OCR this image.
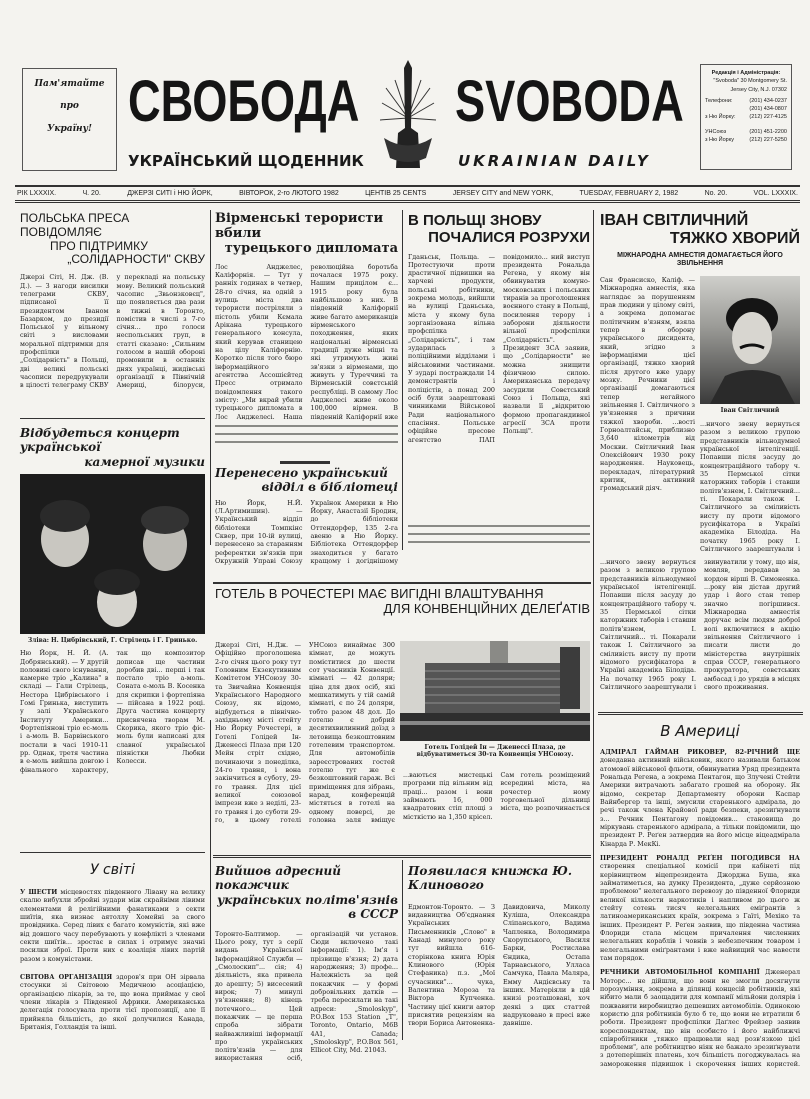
Пам'ятайте
про
Україну! СВОБОДА
УКРАЇНСЬКИЙ ЩОДЕННИК
SVOBODA
UKRAINIAN DAILY
Редакція і Адміністрація:
"Svoboda" 30 Montgomery St.
Jersey City, N.J. 07302
Телефони:	(201) 434-0237
(201) 434-0807
з Ню Йорку:	(212) 227-4125
УНСоюз	(201) 451-2200
з Ню Йорку	(212) 227-5250
РІК LXXXIX.	Ч. 20.	ДЖЕРЗІ СИТІ і НЮ ЙОРК,	ВІВТОРОК, 2-го ЛЮТОГО 1982	ЦЕНТІВ 25 CENTS	JERSEY CITY and NEW YORK,	TUESDAY, FEBRUARY 2, 1982	No. 20.	VOL. LXXXIX.
ПОЛЬСЬКА ПРЕСА ПОВІДОМЛЯЄ
ПРО ПІДТРИМКУ
„СОЛІДАРНОСТИ" СКВУ
Джерзі Сіті, Н. Дж. (В. Д.). — З нагоди висилки телеграми СКВУ, підписаної її президентом Іваном Базарком, до президії Польської у вільному світі з висловами моральної підтримки для профспілки „Солідарність" в Польщі, дві великі польські часописи передрукували в цілості телеграму СКВУ у перекладі на польську мову. Великий польський часопис „Звьонзковєц", що появляється два рази в тижні в Торонто, помістив в числі з 7-го січня... про голоси неспольських груп, в статті сказано: „Сильним голосом в нашій обороні промовили в останніх днях українці, жидівські організації в Північній Америці, білоруси,
Вірменські терористи вбили
турецького дипломата
Лос Анджелес, Каліфорнія. — Тут у ранніх годинах в четвер, 28-го січня, на одній з вулиць міста два терористи постріляли з пістоль убили Кємала Арікана турецького генерального консула, який керував станицею на цілу Каліфорнію. Коротко після того бюро інформаційного агентства Ассошієйтед Пресс отримало повідомлення такого змісту: „Ми вкрай убили турецького дипломата в Лос Анджелесі. Наша революційна боротьба почалася 1975 року. Нашим прицілом є... 1915 року була найбільшою з них. В південній Каліфорнії живе багато американців вірменського походження, яких національні вірменські традиції дуже міцні та які утримують живі зв'язки з вірменами, що живуть у Туреччині та Вірменській совєтській республіці. В самому Лос Анджелесі живе около 100,000 вірмен. В південній Каліфорнії вже
В ПОЛЬЩІ ЗНОВУ
ПОЧАЛИСЯ РОЗРУХИ
Гданьськ, Польща. — Протестуючи проти драстичної підвишки на харчеві продукти, польські робітники, зокрема молодь, вийшли на вулиці Гданьська, міста у якому була зорганізована вільна профспілка „Солідарність", і там зударилась з поліційними відділами і військовими частинами. У зударі постраждали 14 демонстрантів і поліцістів, а понад 200 осіб були заарештовані чинниками Військової Ради національного спасіння. Польське офіційне пресове агентство ПАП повідомило... ний виступ президента Рональда Регена, у якому він обвинуватив комуно-московських і польських тиранів за проголошення воєнного стану в Польщі, посилення терору і заборони діяльности вільної профспілки „Солідарність". Президент ЗСА заявив, що „Солідарности" не можна знищити фізичною силою. Американська передачу засудили Совєтський Союз і Польща, які назвали її „відкритою формою пропагандивної агресії ЗСА проти Польщі".
ІВАН СВІТЛИЧНИЙ
ТЯЖКО ХВОРИЙ
МІЖНАРОДНА АМНЕСТІЯ ДОМАГАЄТЬСЯ ЙОГО ЗВІЛЬНЕННЯ
Сан Франсиско, Каліф. — Міжнародна амнестія, яка наглядає за порушенням прав людини у цілому світі, а зокрема допомагає політичним в'язням, взяла тепер в оборону українського дисидента, який, згідно з інформаціями цієї організації, тяжко хворий після другого вже удару мозку. Речники цієї організації домагаються тепер негайного звільнення І. Світличного з ув'язнення з причини тяжкої хвороби. ...вості Горноалтайськ, приблизно 3,640 кілометрів від Москви. Світличний Іван Олексійович 1930 року народження. Науковець, перекладач, літературний критик, активний громадський діяч.
Іван Світличний
...ничого звену вернуться разом з великою групою представників вільнодумної української інтелігенції. Попавши після засуду до концентраційного табору ч. 35 Пермської сітки каторжних таборів і ставши політв'язнем, І. Світличний... ті. Покарали також І. Світличного за сміливість висту пу проти відомого русифікатора в Україні академіка Білодіда. На початку 1965 року І. Світличного заарештували і
...ничого звену вернуться разом з великою групою представників вільнодумної української інтелігенції. Попавши після засуду до концентраційного табору ч. 35 Пермської сітки каторжних таборів і ставши політв'язнем, І. Світличний... ті. Покарали також І. Світличного за сміливість висту пу проти відомого русифікатора в Україні академіка Білодіда. На початку 1965 року І. Світличного заарештували і звинуватили у тому, що він, мовляв, передавав за кордон вірші В. Симоненка. ...року він дістав другий удар і його стан тепер значно погіршився. Міжнародна амнестія доручає всім людям доброї волі включитися в акцію звільнення Світличного і писати листи до міністерства внутрішніх справ СССР, генерального прокуратора, совєтських амбасад і до урядів в місцях свого проживання.
Відбудеться концерт української
камерної музики
Зліва: Н. Цибрівський, Г. Стрілець і Г. Гринько.
Ню Йорк, Н. Й. (А. Добрянський). — У другій половині свого існування, камерне тріо „Калина" в складі — Гали Стрілець, Нестора Цибрівського і Гомі Гринька, виступить у залі Українського Інституту Америки... Фортепіянові тріо ес-моль і а-моль В. Барвінського постали в часі 1910-11 рр. Однак, третя частина в е-моль вийшла довгою і фінального характеру, так що композитор дописав ще частини доробив дві... перші і так постало тріо а-моль. Соната е-моль В. Косенка для скрипки і фортепіяна — пійсана в 1922 році. Друга частина концерту присвячена творам М. Скорика, якого тріо фіс-моль були написані для славної української піяністки Любки Колесси.
Перенесено український
відділ в бібліотеці
Ню Йорк, Н.Й. (Л.Артимишин). — Український відділ бібліотеки Томпкінс Сквер, при 10-ій вулиці, перенесено за старанням референтки зв'язків при Окружній Управі Союзу Українок Америки в Ню Йорку, Анастазії Бродин, до бібліотеки Оттендорфер, 135 2-га авеню в Ню Йорку. Бібліотека Оттендорфер знаходиться у багато кращому і догіднішому
ГОТЕЛЬ В РОЧЕСТЕРІ МАЄ ВИГІДНІ ВЛАШТУВАННЯ
ДЛЯ КОНВЕНЦІЙНИХ ДЕЛЕҐАТІВ
Джерзі Сіті, Н.Дж. — Офіційно проголошена 2-го січня цього року тут Головним Екзекутивним Комітетом УНСоюзу 30-та Звичайна Конвенція Українського Народного Союзу, як відомо, відбудеться в північно-західньому місті стейту Ню Йорку Рочестері, в Готелі Голідей Ін-Дженессі Плаза при 120 Мейн стріт східно, починаючи з понеділка, 24-го травня, і вона закінчиться в суботу, 29-го травня. Для цієї великої союзової імпрези вже з неділі, 23-го травня і до суботи 29-го, в цьому готелі УНСоюз винаймає 300 кімнат, де можуть поміститися до шести сот учасників Конвенції. кімнаті — 42 доляри; ціна для двох осіб, які мешкатимуть у тій самій кімнаті, є по 24 доляри, тобто разом 48 дол. До готелю є добрий десятихвилинний доїзд з летовища безкоштовним готелевим транспортом. Для автомобілів зареєстрованих гостей готелю тут же є безкоштовний гараж. Всі приміщення для зібрань, нарад, конференцій містяться в готелі на одному поверсі, де головна заля вміщує
Готель Голідей Ін — Дженессі Плаза, де відбуватиметься 30-та Конвенція УНСоюзу.
...ваються мистецькі програми під вільним від праці... разом і вони займають 16, 000 квадратових стіп площі з місткістю на 1,350 крісел. Сам готель розміщений всередині міста, на рочестер ному торговельної дільниці міста, що розпочинається
В Америці
АДМІРАЛ ГАЙМАН РИКОВЕР, 82-РІЧНИЙ ЩЕ донедавна активний військовик, якого називали батьком атомової військової фльоти, обвинуватив Уряд президента Рональда Регена, а зокрема Пентагон, що Злучені Стейти Америки витрачають забагато грошей на оборону. Як відомо, секретар Департаменту оборони Каспар Вайнбергер та інші, змусили старенького адмірала, до речі також члена Крайової ради безпеки, зрезиґнувати з... Речник Пентагону повідомив... становища до міркувань старенького адмірала, а тільки повідомили, що президент Р. Реґен затвердив на його місце віцеадмірала Кінарда Р. МекКі.
ПРЕЗИДЕНТ РОНАЛД РЕҐЕН ПОГОДИВСЯ НА створення спеціальної комісії при кабінеті під керівництвом віцепрезидента Джорджа Буша, яка займатиметься, на думку Президента, „дуже серйозною проблемою" нелегального перевозу до південної Флориди великої кількости наркотиків і напливом до цього ж стейту сотень тисяч нелегальних еміґрантів з латиноамериканських країн, зокрема з Гаїті, Мехіко та інших. Президент Р. Реґен заявив, що південна частина Флориди стала місцем причалення численних нелегальних кораблів і човнів з небезпечним товаром і нелегальними еміґрантами і вже найвищий час навести там порядок.
РЕЧНИКИ АВТОМОБІЛЬНОЇ КОМПАНІЇ Дженерал Моторс... не дійшли, що вони не змогли досягнути порозуміння, зокрема в ділянці концесій робітників, які нібито мали б заощадити для компанії мільйони долярів і пожвавити виробництво дешевших автомобілів. Одинокою користю для робітників було б те, що вони не втратили б роботи. Президент профспілки Даґлес Фрейзер заявив кореспондентам, що він особисто і його найближчі співробітники „тяжко працювали над розв'язкою цієї проблеми", але робітництво ніяк не бажало зрезиґнувати з дотеперішніх платень, хоч більшість погоджувалась на замороження підвишок і скорочення інших користей.
У світі
У ШЕСТИ місцевостях південного Лівану на велику скалю вибухли збройні зудари між скрайніми лівими елементами й релігійними фанатиками з секти шиїтів, яка визнає аятоллу Хомейні за свого провідника. Серед лівих є багато комуністів, які вже від довшого часу перебувають у конфлікті з членами секти шиїтів... зростає в силах і отримує значні посилки зброї. Проти них є коаліція лівих партій разом з комуністами.
СВІТОВА ОРГАНІЗАЦІЯ здоров'я при ОН зірвала стосунки зі Світовою Медичною асоціацією, організацією лікарів, за те, що вона приймає у свої члени лікарів з Південної Африки. Американська делегація голосувала проти тієї пропозиції, але її прийняла більшість, до якої долучилися Канада, Британія, Голландія та інші.
Вийшов адресний покажчик
українських політв'язнів
в СССР
Торонто-Балтимор. — Цього року, тут з серії видань Української Інформаційної Служби — „Смолоскип"... сія; 4) діяльність, яка привела до арешту; 5) висесений вирок; 7) минулі ув'язнення; 8) кінець потечного... Цей покажчик — це перша спроба зібрати найважливіші інформації про українських політв'язнів — для використання осіб, організацій чи установ. Сюди включено такі інформації: 1). Ім'я і прізвище в'язня; 2) дата народження; 3) профе... Належність за цей покажчик — у формі добровільних датків — треба пересилати на такі адреси: „Smoloskyp", P.O.Box 153 Station „T", Toronto, Ontario, M6B 4A1, Canada; „Smoloskyp", P.O.Box 561, Ellicot City, Md. 21043.
Появилася книжка Ю. Клинового
Едмонтон-Торонто. — З видавництва Об'єднання Українських Письменників „Слово" в Канаді минулого року тут вийшла 616-сторінкова книга Юрія Клинового (Юрія Стефаника) п.з. „Мої сучасники"... чука, Валентина Мороза та Віктора Купченка. Частину цієї книги автор присвятив рецензіям на твори Бориса Антоненка-Давидовича, Миколу Куліша, Олександра Сліпанського, Вадима Чапленка, Володимира Скорупського, Василя Барки, Ростислава Єндика, Остапа Тарнавського, Улласа Самчука, Павла Маляра, Емму Андієвську та інших. Матеріяли в цій книзі розташовані, хоч деякі з цих статтей надруковано в пресі вже давніше.
